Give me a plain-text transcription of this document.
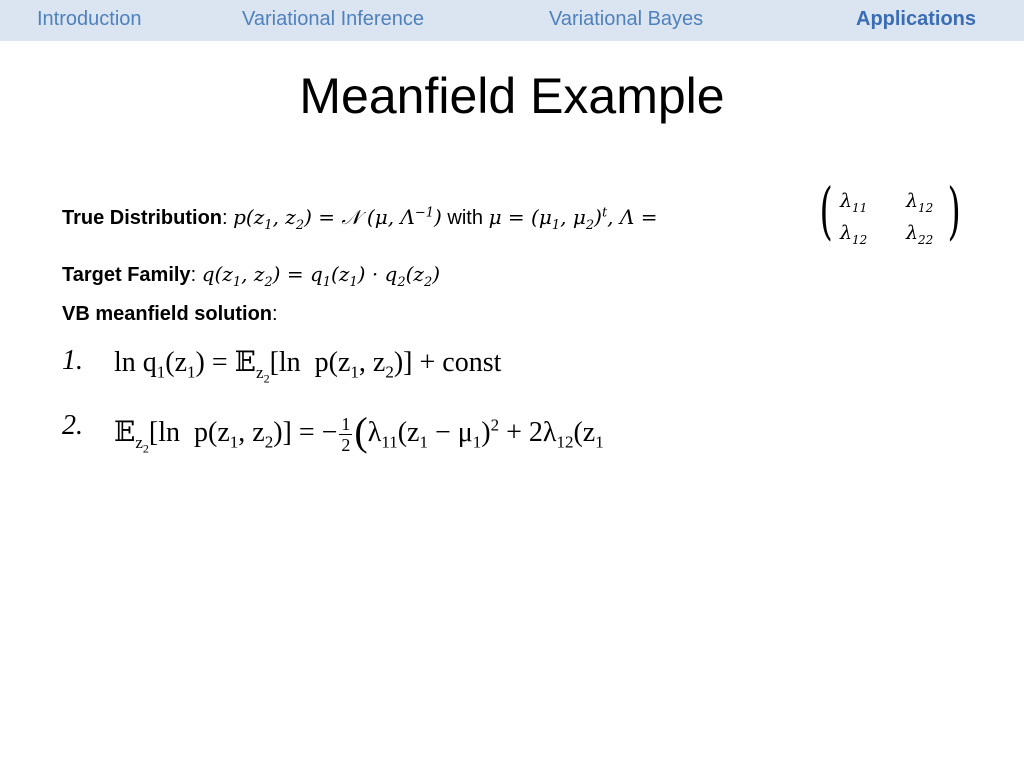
Introduction	Variational Inference	Variational Bayes	Applications
Meanfield Example
True Distribution: $p(z_1$, $z_2$) = 𝒩 (μ, $\Lambda^{-1}$) with $\mu = (\mu_1$, $\mu_2)^t$, Λ =	( $\lambda_{11}$ $\lambda_{12}$
$\lambda_{12}$ $\lambda_{22}$ )
Target Family: $q(z_1$, $z_2) = q_1(z_1) \cdot q_2(z_2)$
VB meanfield solution:
1. $\ln q_1(z_1)$ = 𝔼$_{z_2}$[ln  $p(z_1$, $z_2$)] + const
2. 𝔼$_{z_2}$[ln  $p(z_1$, $z_2$)] = − $\frac{1}{2} (\lambda_{11}(z_1 - \mu_1)^2 + 2\lambda_{12}(z_1$
